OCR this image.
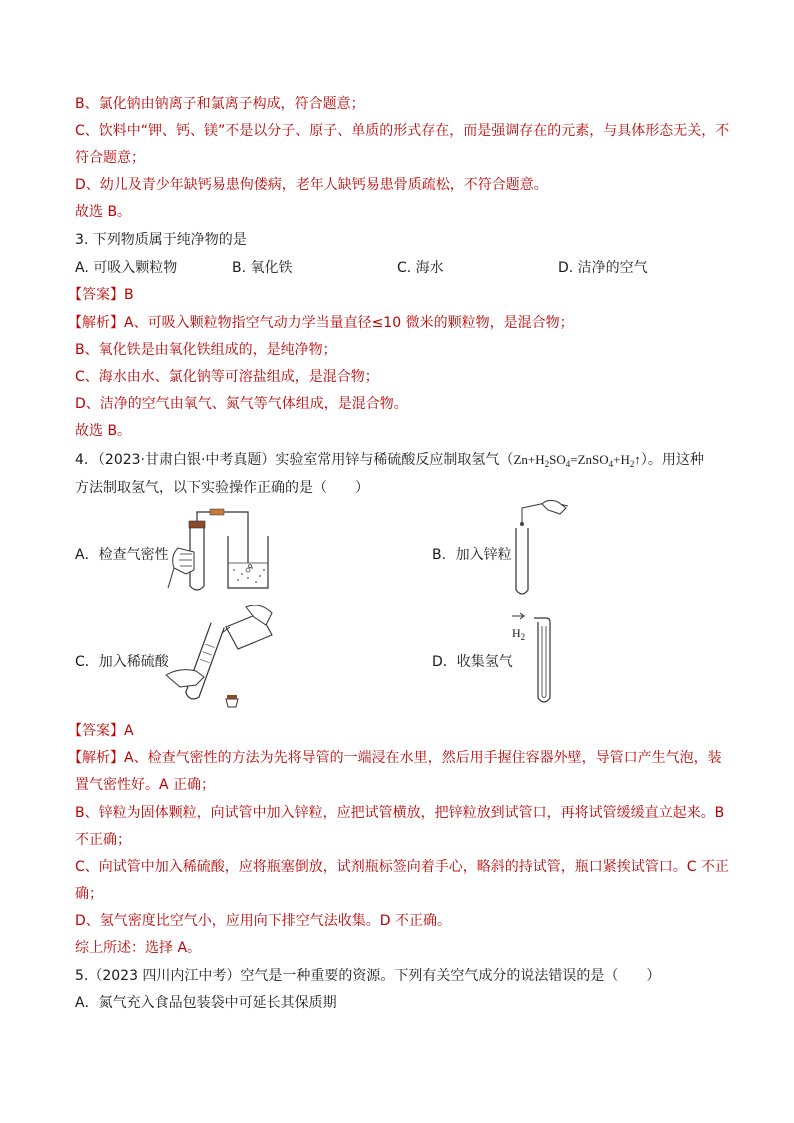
B、氯化钠由钠离子和氯离子构成，符合题意；
C、饮料中“钾、钙、镁”不是以分子、原子、单质的形式存在，而是强调存在的元素，与具体形态无关，不
符合题意；
D、幼儿及青少年缺钙易患佝偻病，老年人缺钙易患骨质疏松，不符合题意。
故选 B。
3. 下列物质属于纯净物的是
A. 可吸入颗粒物	B. 氧化铁	C. 海水	D. 洁净的空气
【答案】B
【解析】A、可吸入颗粒物指空气动力学当量直径≤10 微米的颗粒物，是混合物；
B、氧化铁是由氧化铁组成的，是纯净物；
C、海水由水、氯化钠等可溶盐组成，是混合物；
D、洁净的空气由氧气、氮气等气体组成，是混合物。
故选 B。
4．（2023·甘肃白银·中考真题）实验室常用锌与稀硫酸反应制取氢气$(Zn+H_2SO_4=ZnSO_4+H_2↑)$。用这种
方法制取氢气，以下实验操作正确的是（　　）
A．检查气密性	B．加入锌粒
C．加入稀硫酸	D．收集氢气
$H_2$
【答案】A
【解析】A、检查气密性的方法为先将导管的一端浸在水里，然后用手握住容器外壁，导管口产生气泡，装
置气密性好。A 正确；
B、锌粒为固体颗粒，向试管中加入锌粒，应把试管横放，把锌粒放到试管口，再将试管缓缓直立起来。B
不正确；
C、向试管中加入稀硫酸，应将瓶塞倒放，试剂瓶标签向着手心，略斜的持试管，瓶口紧挨试管口。C 不正
确；
D、氢气密度比空气小，应用向下排空气法收集。D 不正确。
综上所述：选择 A。
5.（2023 四川内江中考）空气是一种重要的资源。下列有关空气成分的说法错误的是（　　）
A．氮气充入食品包装袋中可延长其保质期
